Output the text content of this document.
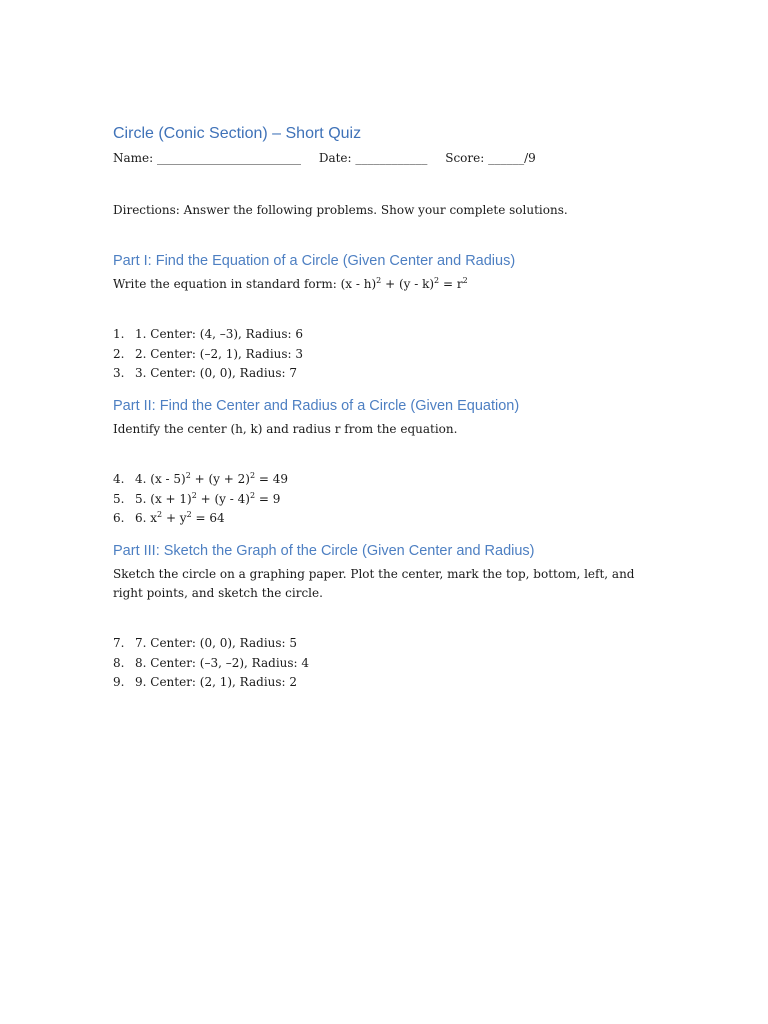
Circle (Conic Section) – Short Quiz
Name: ________________________ Date: ____________ Score: ______/9
Directions: Answer the following problems. Show your complete solutions.
Part I: Find the Equation of a Circle (Given Center and Radius)
Write the equation in standard form: $(x - h)^2 + (y - k)^2 = r^2$
1. 1. Center: (4, –3), Radius: 6
2. 2. Center: (–2, 1), Radius: 3
3. 3. Center: (0, 0), Radius: 7
Part II: Find the Center and Radius of a Circle (Given Equation)
Identify the center (h, k) and radius r from the equation.
4. 4. $(x - 5)^2 + (y + 2)^2 = 49$
5. 5. $(x + 1)^2 + (y - 4)^2 = 9$
6. 6. $x^2 + y^2 = 64$
Part III: Sketch the Graph of the Circle (Given Center and Radius)
Sketch the circle on a graphing paper. Plot the center, mark the top, bottom, left, and right points, and sketch the circle.
7. 7. Center: (0, 0), Radius: 5
8. 8. Center: (–3, –2), Radius: 4
9. 9. Center: (2, 1), Radius: 2
